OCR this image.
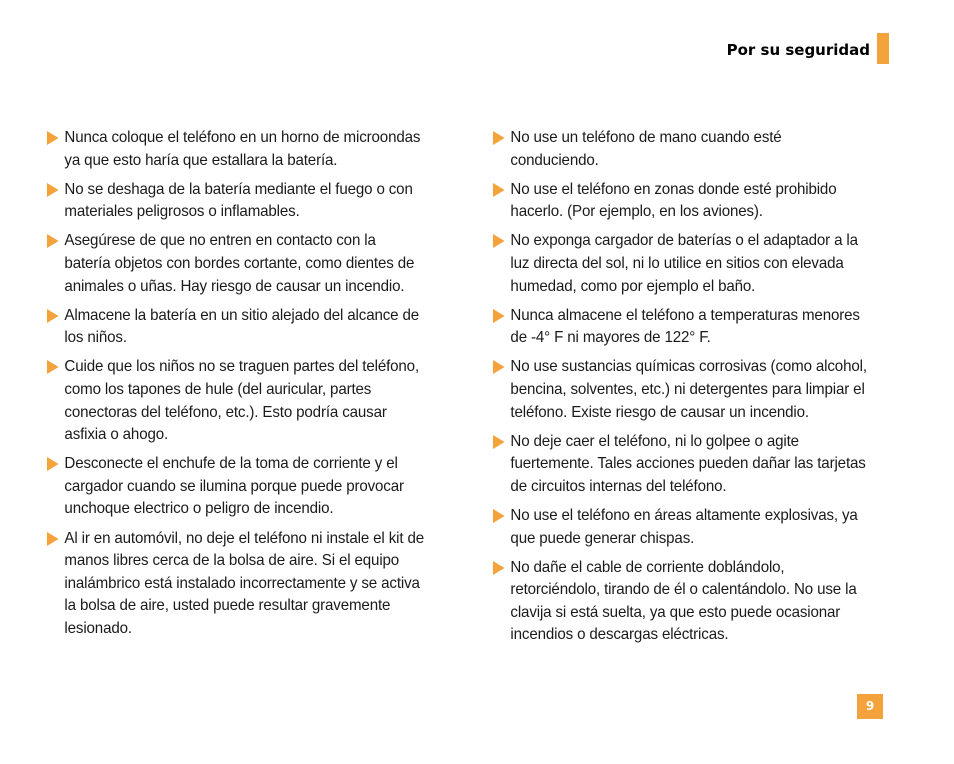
Por su seguridad
Nunca coloque el teléfono en un horno de microondas ya que esto haría que estallara la batería.
No se deshaga de la batería mediante el fuego o con materiales peligrosos o inflamables.
Asegúrese de que no entren en contacto con la batería objetos con bordes cortante, como dientes de animales o uñas. Hay riesgo de causar un incendio.
Almacene la batería en un sitio alejado del alcance de los niños.
Cuide que los niños no se traguen partes del teléfono, como los tapones de hule (del auricular, partes conectoras del teléfono, etc.). Esto podría causar asfixia o ahogo.
Desconecte el enchufe de la toma de corriente y el cargador cuando se ilumina porque puede provocar unchoque electrico o peligro de incendio.
Al ir en automóvil, no deje el teléfono ni instale el kit de manos libres cerca de la bolsa de aire. Si el equipo inalámbrico está instalado incorrectamente y se activa la bolsa de aire, usted puede resultar gravemente lesionado.
No use un teléfono de mano cuando esté conduciendo.
No use el teléfono en zonas donde esté prohibido hacerlo. (Por ejemplo, en los aviones).
No exponga cargador de baterías o el adaptador a la luz directa del sol, ni lo utilice en sitios con elevada humedad, como por ejemplo el baño.
Nunca almacene el teléfono a temperaturas menores de -4° F ni mayores de 122° F.
No use sustancias químicas corrosivas (como alcohol, bencina, solventes, etc.) ni detergentes para limpiar el teléfono. Existe riesgo de causar un incendio.
No deje caer el teléfono, ni lo golpee o agite fuertemente. Tales acciones pueden dañar las tarjetas de circuitos internas del teléfono.
No use el teléfono en áreas altamente explosivas, ya que puede generar chispas.
No dañe el cable de corriente doblándolo, retorciéndolo, tirando de él o calentándolo. No use la clavija si está suelta, ya que esto puede ocasionar incendios o descargas eléctricas.
9
